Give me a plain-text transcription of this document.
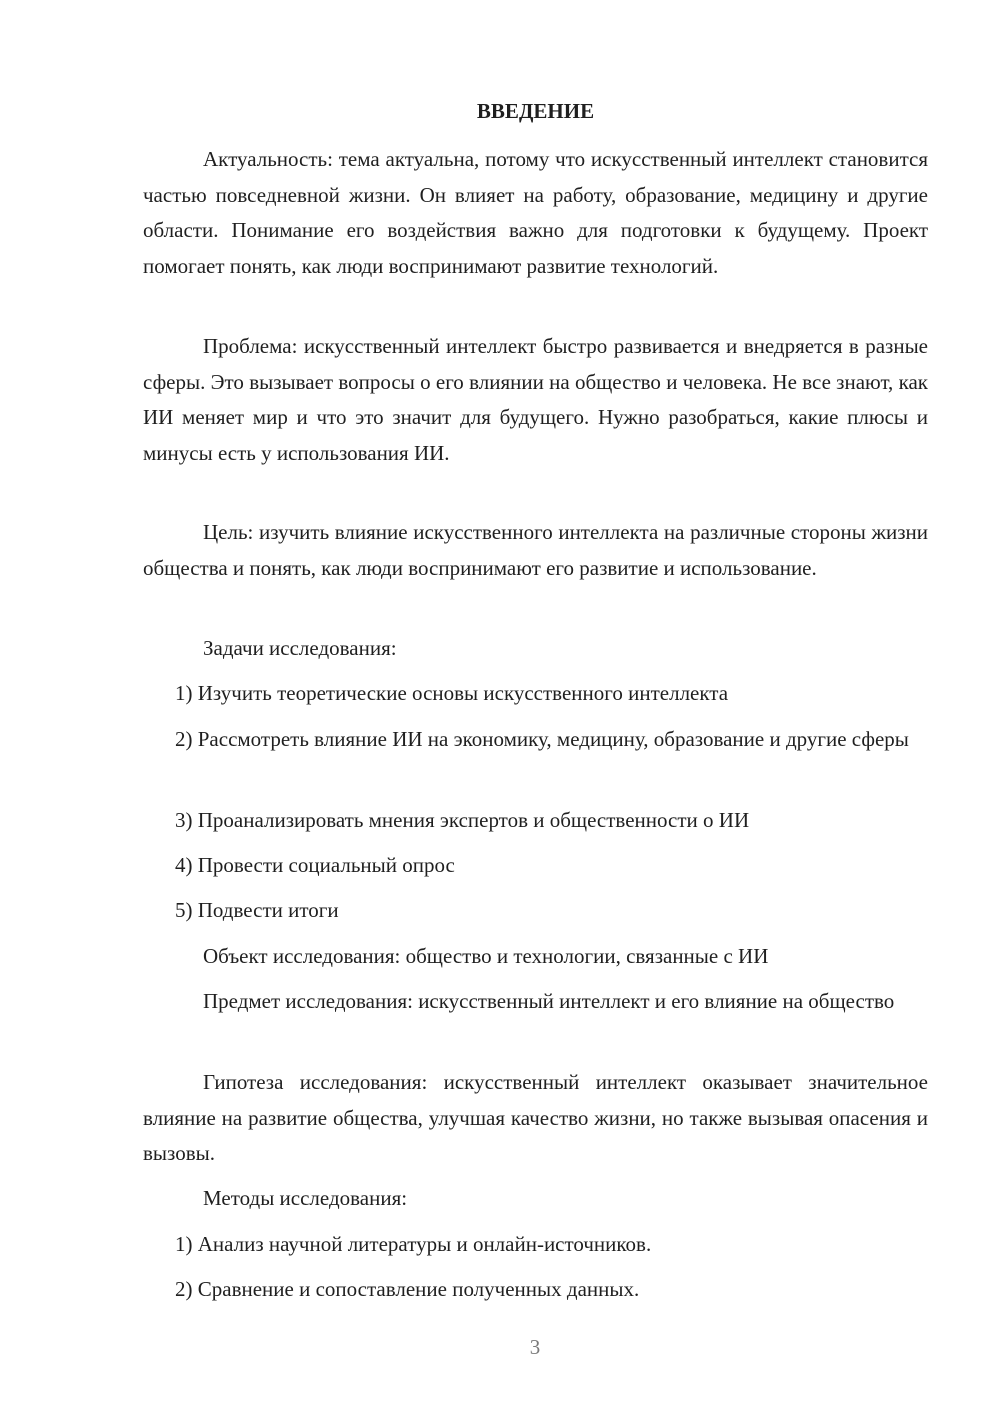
ВВЕДЕНИЕ

Актуальность: тема актуальна, потому что искусственный интеллект становится частью повседневной жизни. Он влияет на работу, образование, медицину и другие области. Понимание его воздействия важно для подготовки к будущему. Проект помогает понять, как люди воспринимают развитие технологий.

Проблема: искусственный интеллект быстро развивается и внедряется в разные сферы. Это вызывает вопросы о его влиянии на общество и человека. Не все знают, как ИИ меняет мир и что это значит для будущего. Нужно разобраться, какие плюсы и минусы есть у использования ИИ.

Цель: изучить влияние искусственного интеллекта на различные стороны жизни общества и понять, как люди воспринимают его развитие и использование.

Задачи исследования:

1) Изучить теоретические основы искусственного интеллекта

2) Рассмотреть влияние ИИ на экономику, медицину, образование и другие сферы

3) Проанализировать мнения экспертов и общественности о ИИ

4) Провести социальный опрос

5) Подвести итоги

Объект исследования: общество и технологии, связанные с ИИ

Предмет исследования: искусственный интеллект и его влияние на общество

Гипотеза исследования: искусственный интеллект оказывает значительное влияние на развитие общества, улучшая качество жизни, но также вызывая опасения и вызовы.

Методы исследования:

1) Анализ научной литературы и онлайн-источников.

2) Сравнение и сопоставление полученных данных.

3
